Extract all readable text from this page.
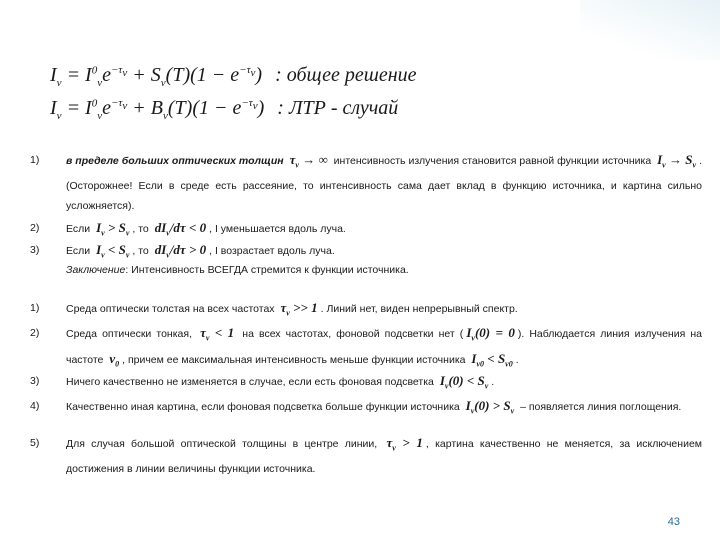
$I_\nu = I^0_\nu e^{-\tau_\nu} + S_\nu(T)(1 - e^{-\tau_\nu})$ : общее решение
$I_\nu = I^0_\nu e^{-\tau_\nu} + B_\nu(T)(1 - e^{-\tau_\nu})$ : ЛТР - случай
1)	в пределе больших оптических толщин $\tau_\nu$ → ∞ интенсивность излучения становится равной функции источника $I_\nu \to S_\nu$ . (Осторожнее! Если в среде есть рассеяние, то интенсивность сама дает вклад в функцию источника, и картина сильно усложняется).
2)	Если $I_\nu > S_\nu$ , то $dI_\nu/d\tau < 0$ , I уменьшается вдоль луча.
3)	Если $I_\nu < S_\nu$ , то $dI_\nu/d\tau > 0$ , I возрастает вдоль луча.
Заключение: Интенсивность ВСЕГДА стремится к функции источника.
1)	Среда оптически толстая на всех частотах $\tau_\nu >> 1$ . Линий нет, виден непрерывный спектр.
2)	Среда оптически тонкая, $\tau_\nu < 1$ на всех частотах, фоновой подсветки нет ( $I_\nu(0) = 0$ ). Наблюдается линия излучения на частоте $\nu_0$ , причем ее максимальная интенсивность меньше функции источника $I_{\nu 0} < S_{\nu 0}$ .
3)	Ничего качественно не изменяется в случае, если есть фоновая подсветка $I_\nu(0) < S_\nu$ .
4)	Качественно иная картина, если фоновая подсветка больше функции источника $I_\nu(0) > S_\nu$ – появляется линия поглощения.
5)	Для случая большой оптической толщины в центре линии, $\tau_\nu > 1$ , картина качественно не меняется, за исключением достижения в линии величины функции источника.
43
